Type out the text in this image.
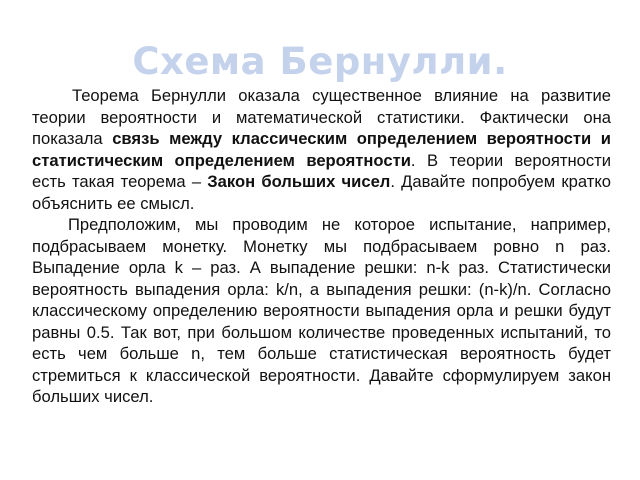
Схема Бернулли.

Теорема Бернулли оказала существенное влияние на развитие теории вероятности и математической статистики. Фактически она показала связь между классическим определением вероятности и статистическим определением вероятности. В теории вероятности есть такая теорема – Закон больших чисел. Давайте попробуем кратко объяснить ее смысл.

Предположим, мы проводим не которое испытание, например, подбрасываем монетку. Монетку мы подбрасываем ровно n раз. Выпадение орла k – раз. А выпадение решки: n-k раз. Статистически вероятность выпадения орла: k/n, а выпадения решки: (n-k)/n. Согласно классическому определению вероятности выпадения орла и решки будут равны 0.5. Так вот, при большом количестве проведенных испытаний, то есть чем больше n, тем больше статистическая вероятность будет стремиться к классической вероятности. Давайте сформулируем закон больших чисел.
